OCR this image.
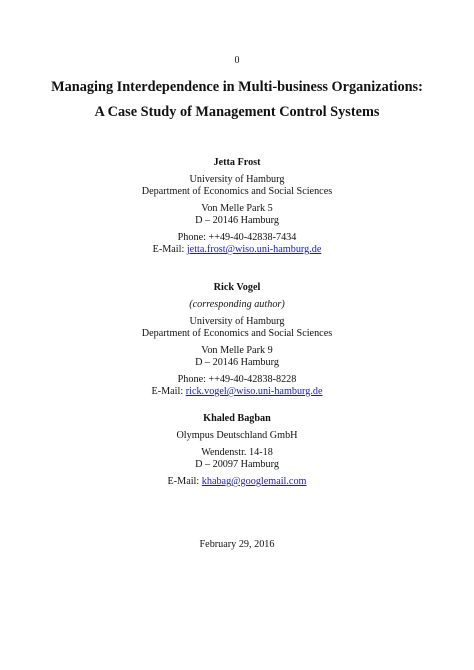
0
Managing Interdependence in Multi-business Organizations:
A Case Study of Management Control Systems
Jetta Frost
University of Hamburg
Department of Economics and Social Sciences
Von Melle Park 5
D – 20146 Hamburg
Phone: ++49-40-42838-7434
E-Mail: jetta.frost@wiso.uni-hamburg.de
Rick Vogel
(corresponding author)
University of Hamburg
Department of Economics and Social Sciences
Von Melle Park 9
D – 20146 Hamburg
Phone: ++49-40-42838-8228
E-Mail: rick.vogel@wiso.uni-hamburg.de
Khaled Bagban
Olympus Deutschland GmbH
Wendenstr. 14-18
D – 20097 Hamburg
E-Mail: khabag@googlemail.com
February 29, 2016
